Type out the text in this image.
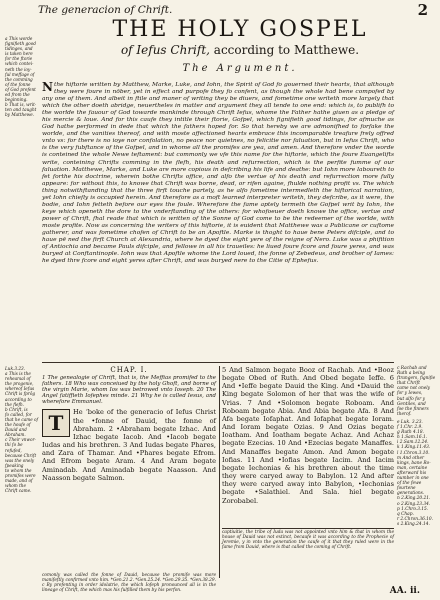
The generacion of Chrift.	2
THE HOLY GOSPEL
of Iefus Chrift, according to Matthewe.
The Argument.
a This worde
fignifieth good
tidinges, and
is taken here
for the ftorie
which contei-
neth the ioy-
ful meffage of
the comming
of the fonne
of God prefent
ed from the
beginning.
b That is, writ-
ten and taught
by Matthewe.

Nthe hiftorie written by Matthew, Marke, Luke, and Iohn, the Spirit of God fo gouerned their hearts, that although they were foure in nōber, yet in effect and purpofe they fo confent, as though the whole had bene compofed by any one of them. And albeit in ftile and maner of writing they be diuers, and fometime one writeth more largely that which the other doeth abridge, neuertheles in matter and argument they all tende to one end: which is, to publifh to the worlde the fauour of God towarde mankinde through Chrift Iefus, whome the Father hathe giuen as a pledge of his mercie & loue. And for this caufe they intitle their ftorie, Gofpel, which fignifieth good tidings, for afmuche as God hathe performed in dede that which the fathers hoped for. So that hereby we are admonifhed to forfake the worlde, and the vanities thereof, and with moste affectioned hearts embrace this incomparable treafure frely offred vnto vs: for there is no ioye nor confolation, no peace nor quietnes, no felicitie nor faluation, but in Iefus Chrift, who is the very fubftance of the Gofpel, and in whome all the promifes are yea, and amen. And therefore vnder the worde is conteined the whole Newe teftament: but commonly we vfe this name for the hiftorie, which the foure Euangelifts write, conteining Chrifts comming in the flefh, his death and refurrection, which is the perfite fumme of our faluation. Matthewe, Marke, and Luke are more copious in defcribing his life and deathe: but Iohn more laboureth to fet forthe his doctrine, wherein bothe Chrifts office, and alfo the vertue of his death and refurrection more fully appeare: for without this, to knowe that Chrift was borne, dead, or rifen againe, fhulde nothing profit vs. The which thing notwithftanding that the three firft touche partely, as he alfo fometime intermedleth the hiftorical narration, yet Iohn chiefly is occupied herein. And therefore as a moft learned interpreter writeth, they defcribe, as it were, the bodie, and Iohn fetteth before our eyes the foule. Wherefore the fame aptely termeth the Gofpel writ by Iohn, the keye which openeth the dore to the vnderftanding of the others: for whofoeuer doeth knowe the office, vertue and power of Chrift, fhal reade that which is written of the Sonne of God come to be the redeemer of the worlde, with moste profite. Now as concerning the writers of this hiftorie, it is euident that Matthewe was a Publicane or cuftome gatherer, and was fometime chofen of Chrift to be an Apoftle. Marke is thoght to haue bene Peters difciple, and to haue pē ned the firft Church at Alexandria, where he dyed the eight yere of the reigne of Nero. Luke was a phifition of Antiochia and became Pauls difciple, and fellowe in all his traueiles: he liued foure fcore and foure yeres, and was buryed at Conftantinople. Iohn was that Apoftle whome the Lord loued, the fonne of Zebedeus, and brother of Iames: he dyed thre fcore and eight yeres after Chrift, and was buryed nere to the Citie of Ephefus.

Luk.3.23.
a This is the
rehearsal of
the progenie,
whereof Iefus
Chrift is fprōg
according to
the flefh.
b Chrift, is
fo called, for
that he came of
the houfe of
Dauid and
Abraham.
c Their vnwor-
thi fo be refufed,
because Chrift
was the onely
fpeaking
to whom the
promifes were
made, and of
whom the
Chrift came.
CHAP. I.

1 The genealogie of Chrift, that is, the Meffias promifed to the fathers. 18 Who was conceiued by the holy Ghoft, and borne of the virgin Marie, whom Ios was betrowed vnto Ioseph. 20 The Angel fatiffieth Iofephes minde. 21 Why he is called Iesus, and wherefore Emmanuel.

T	He ‘boke of the generacio of Iefus Christ the •fonne of Dauid, the fonne of Abraham. 2 •Abraham begate Izhac. And Izhac begate Iacob. And •Iacob begate Iudas and his brethren. 3 And Iudas begate Phares, and Zara of Thamar. And •Phares begate Efrom. And Efrom begate Aram. 4 And Aram begate Aminadab. And Aminadab begate Naasson. And Naasson begate Salmon.

5 And Salmon begate Booz of Rachab. And •Booz begate Obed of Ruth. And Obed begate Ieffe. 6 And •Ieffe begate Dauid the King. And •Dauid the King begate Solomon of her that was the wife of Vrias. 7 And •Solomon begate Roboam. And Roboam begate Abia. And Abia begate Afa. 8 And Afa begate Iofaphat. And Iofaphat begate Ioram. And Ioram begate Ozias. 9 And Ozias begate Ioatham. And Ioatham begate Achaz. And Achaz begate Ezecias. 10 And •Ezecias begate Manaffes. And Manaffes begate Amon. And Amon begate Iofias. 11 And •Iofias begate Iacim. And Iacim begate Iechonias & his brethren about the time they were caryed away to Babylon. 12 And after they were caryed away into Babylon, •Iechonias begate •Salathiel. And Sala. hiel begate Zorobabel.

c Rachab and
Ruth a being
ftrangers, fignifie
that Chrift
came not onely
for y Iewes,
but alfo for y
Gentiles, and
foe the finners
therof.
e Luk. 3.23.
f 1.Chr. 2.9.
g Ruth 4.18.
h 1.Sam.16.1.
i 2.Sam.12.24.
k 1.King.11.43.
l 1.Chron.3.10.
m And other
kings, bane Ro-
man, certaine
afterward his
number in one
of the fewe
fourtene
generations.
n 2.King.20.21.
o 2.King.23.34.
p 1.Chro.3.15.
q Chap.
r 2.Chron.36.10.
s 2.King.24.14.
captiuitie, the tribe of Iuda was not appointed vnto him & that in whom the house of Dauid was not extinct, becaufe it was according to the Prophecie of Jeremie, y in vnto the generation the caufe of it that they ruled were in the fame from Dauid, where is that called the coming of Chrift.
comonly was called the fonne of Dauid, because the promife was more manifeftly confirmed vnto him. *Gen.21.2. *Gen.25.24. *Gen.29.35. *Gen.38.29. c By prefenting in order idolatrie, the which Iofeph pronounced all is in the lineage of Chrift, the which mas his fulfilled them by his perfon.	AA. ii.
